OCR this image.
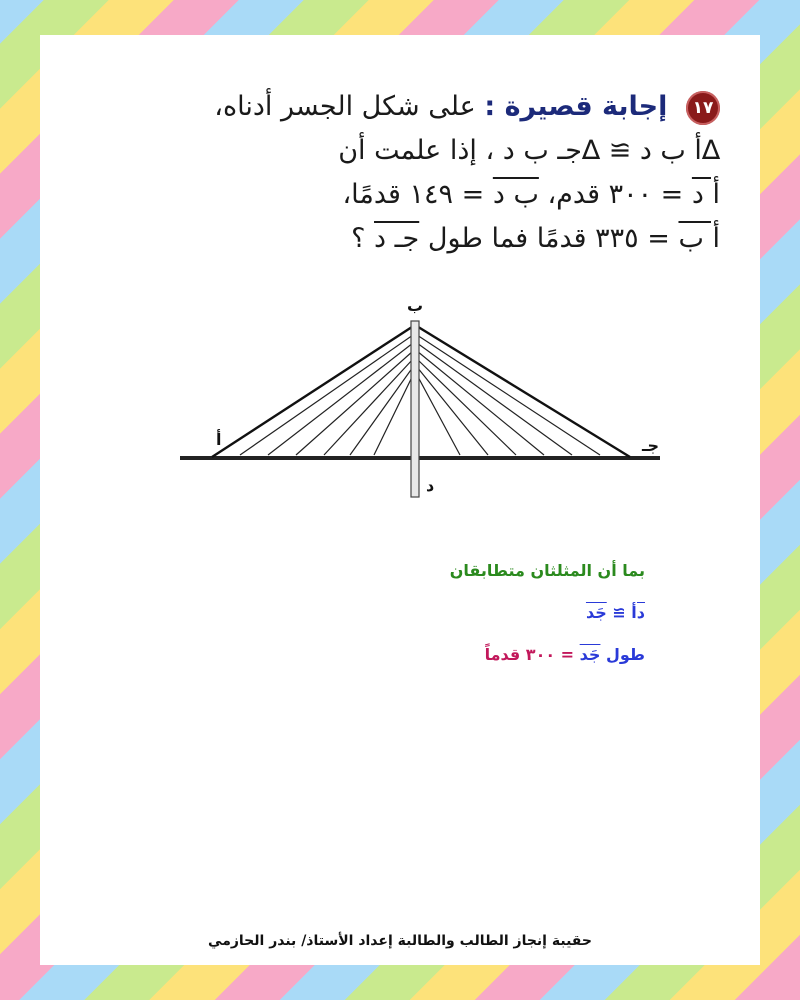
١٧ إجابة قصيرة : على شكل الجسر أدناه،
∆أ ب د ≅ ∆جـ ب د ، إذا علمت أن
أ د = ٣٠٠ قدم، ب د = ١٤٩ قدمًا،
أ ب = ٣٣٥ قدمًا فما طول جـ د ؟
أ
ب
جـ
د
بما أن المثلثان متطابقان
دأ ≅ جَد
طول جَد = ٣٠٠ قدماً
حقيبة إنجاز الطالب والطالبة إعداد الأستاذ/ بندر الحازمي
